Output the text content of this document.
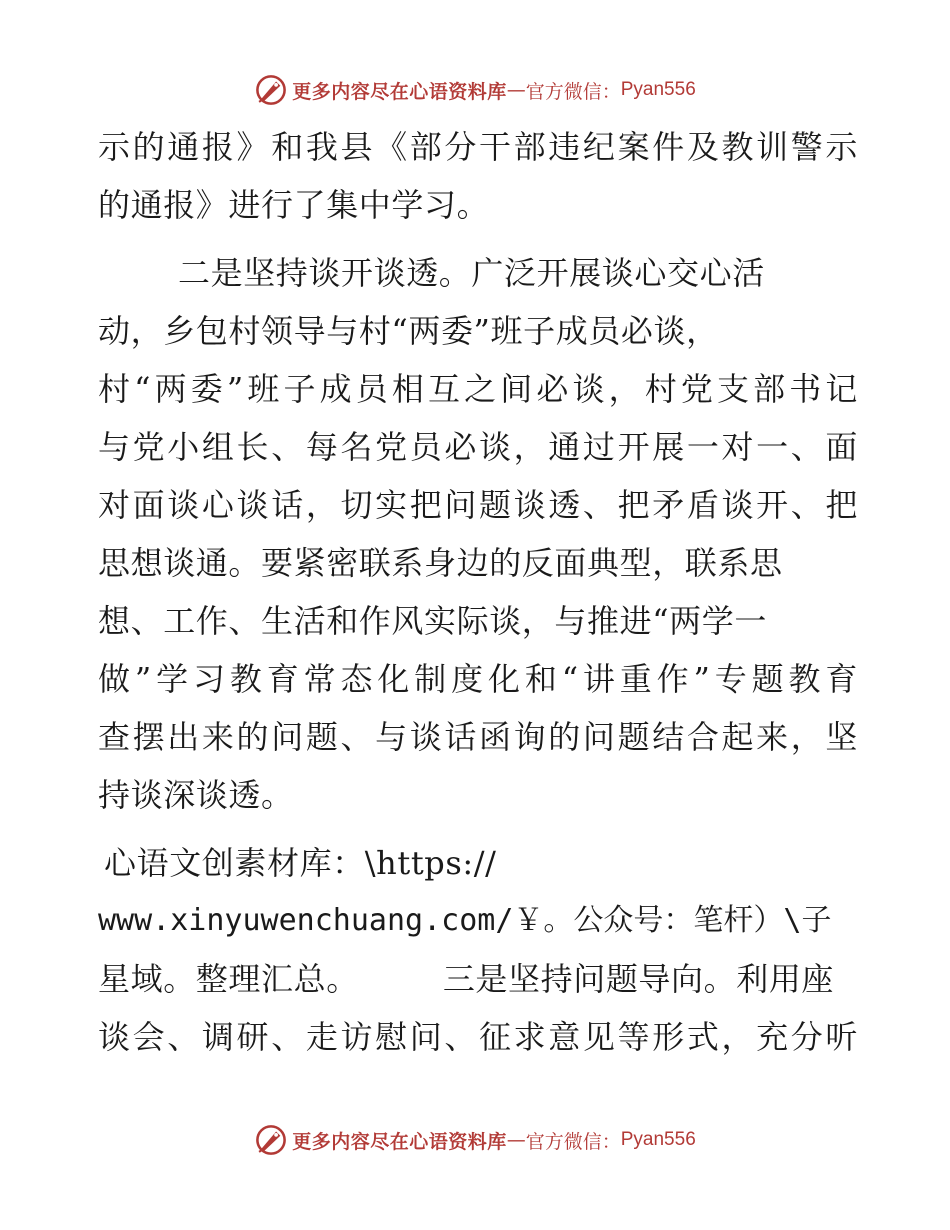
更多内容尽在心语资料库 — 官方微信： Pyan556
示的通报》和我县《部分干部违纪案件及教训警示
的通报》进行了集中学习。
二是坚持谈开谈透。广泛开展谈心交心活
动，乡包村领导与村“两委”班子成员必谈，
村“两委”班子成员相互之间必谈，村党支部书记
与党小组长、每名党员必谈，通过开展一对一、面
对面谈心谈话，切实把问题谈透、把矛盾谈开、把
思想谈通。要紧密联系身边的反面典型，联系思
想、工作、生活和作风实际谈，与推进“两学一
做”学习教育常态化制度化和“讲重作”专题教育
查摆出来的问题、与谈话函询的问题结合起来，坚
持谈深谈透。
心语文创素材库：\https://
www.xinyuwenchuang.com/￥。公众号：笔杆）\子
星域。整理汇总。	三是坚持问题导向。利用座
谈会、调研、走访慰问、征求意见等形式，充分听
更多内容尽在心语资料库 — 官方微信： Pyan556
